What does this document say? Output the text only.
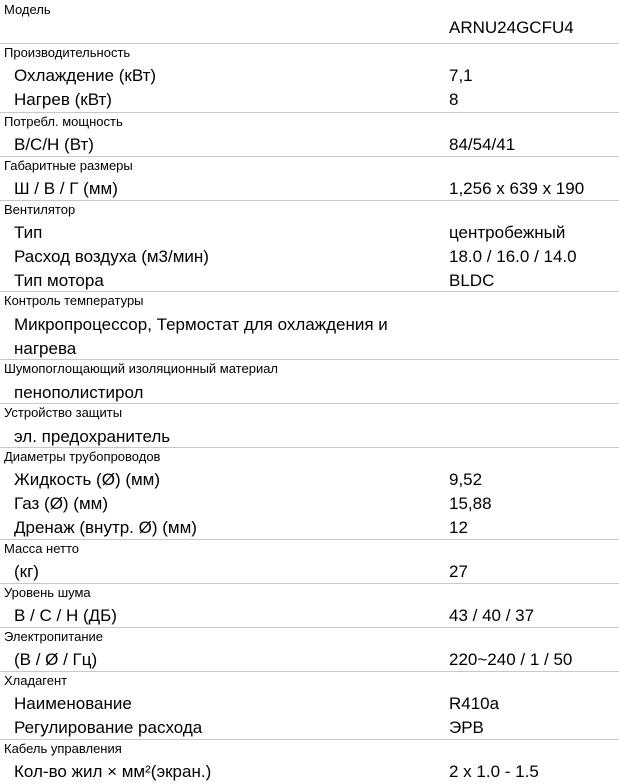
Модель
ARNU24GCFU4
Производительность
Охлаждение (кВт)	7,1
Нагрев (кВт)	8
Потребл. мощность
В/С/Н (Вт)	84/54/41
Габаритные размеры
Ш / В / Г (мм)	1,256 x 639 x 190
Вентилятор
Тип	центробежный
Расход воздуха (м3/мин)	18.0 / 16.0 / 14.0
Тип мотора	BLDC
Контроль температуры
Микропроцессор, Термостат для охлаждения и нагрева
Шумопоглощающий изоляционный материал
пенополистирол
Устройство защиты
эл. предохранитель
Диаметры трубопроводов
Жидкость (Ø) (мм)	9,52
Газ (Ø) (мм)	15,88
Дренаж (внутр. Ø) (мм)	12
Масса нетто
(кг)	27
Уровень шума
В / С / Н (ДБ)	43 / 40 / 37
Электропитание
(В / Ø / Гц)	220~240 / 1 / 50
Хладагент
Наименование	R410a
Регулирование расхода	ЭРВ
Кабель управления
Кол-во жил × мм²(экран.)	2 x 1.0 - 1.5
